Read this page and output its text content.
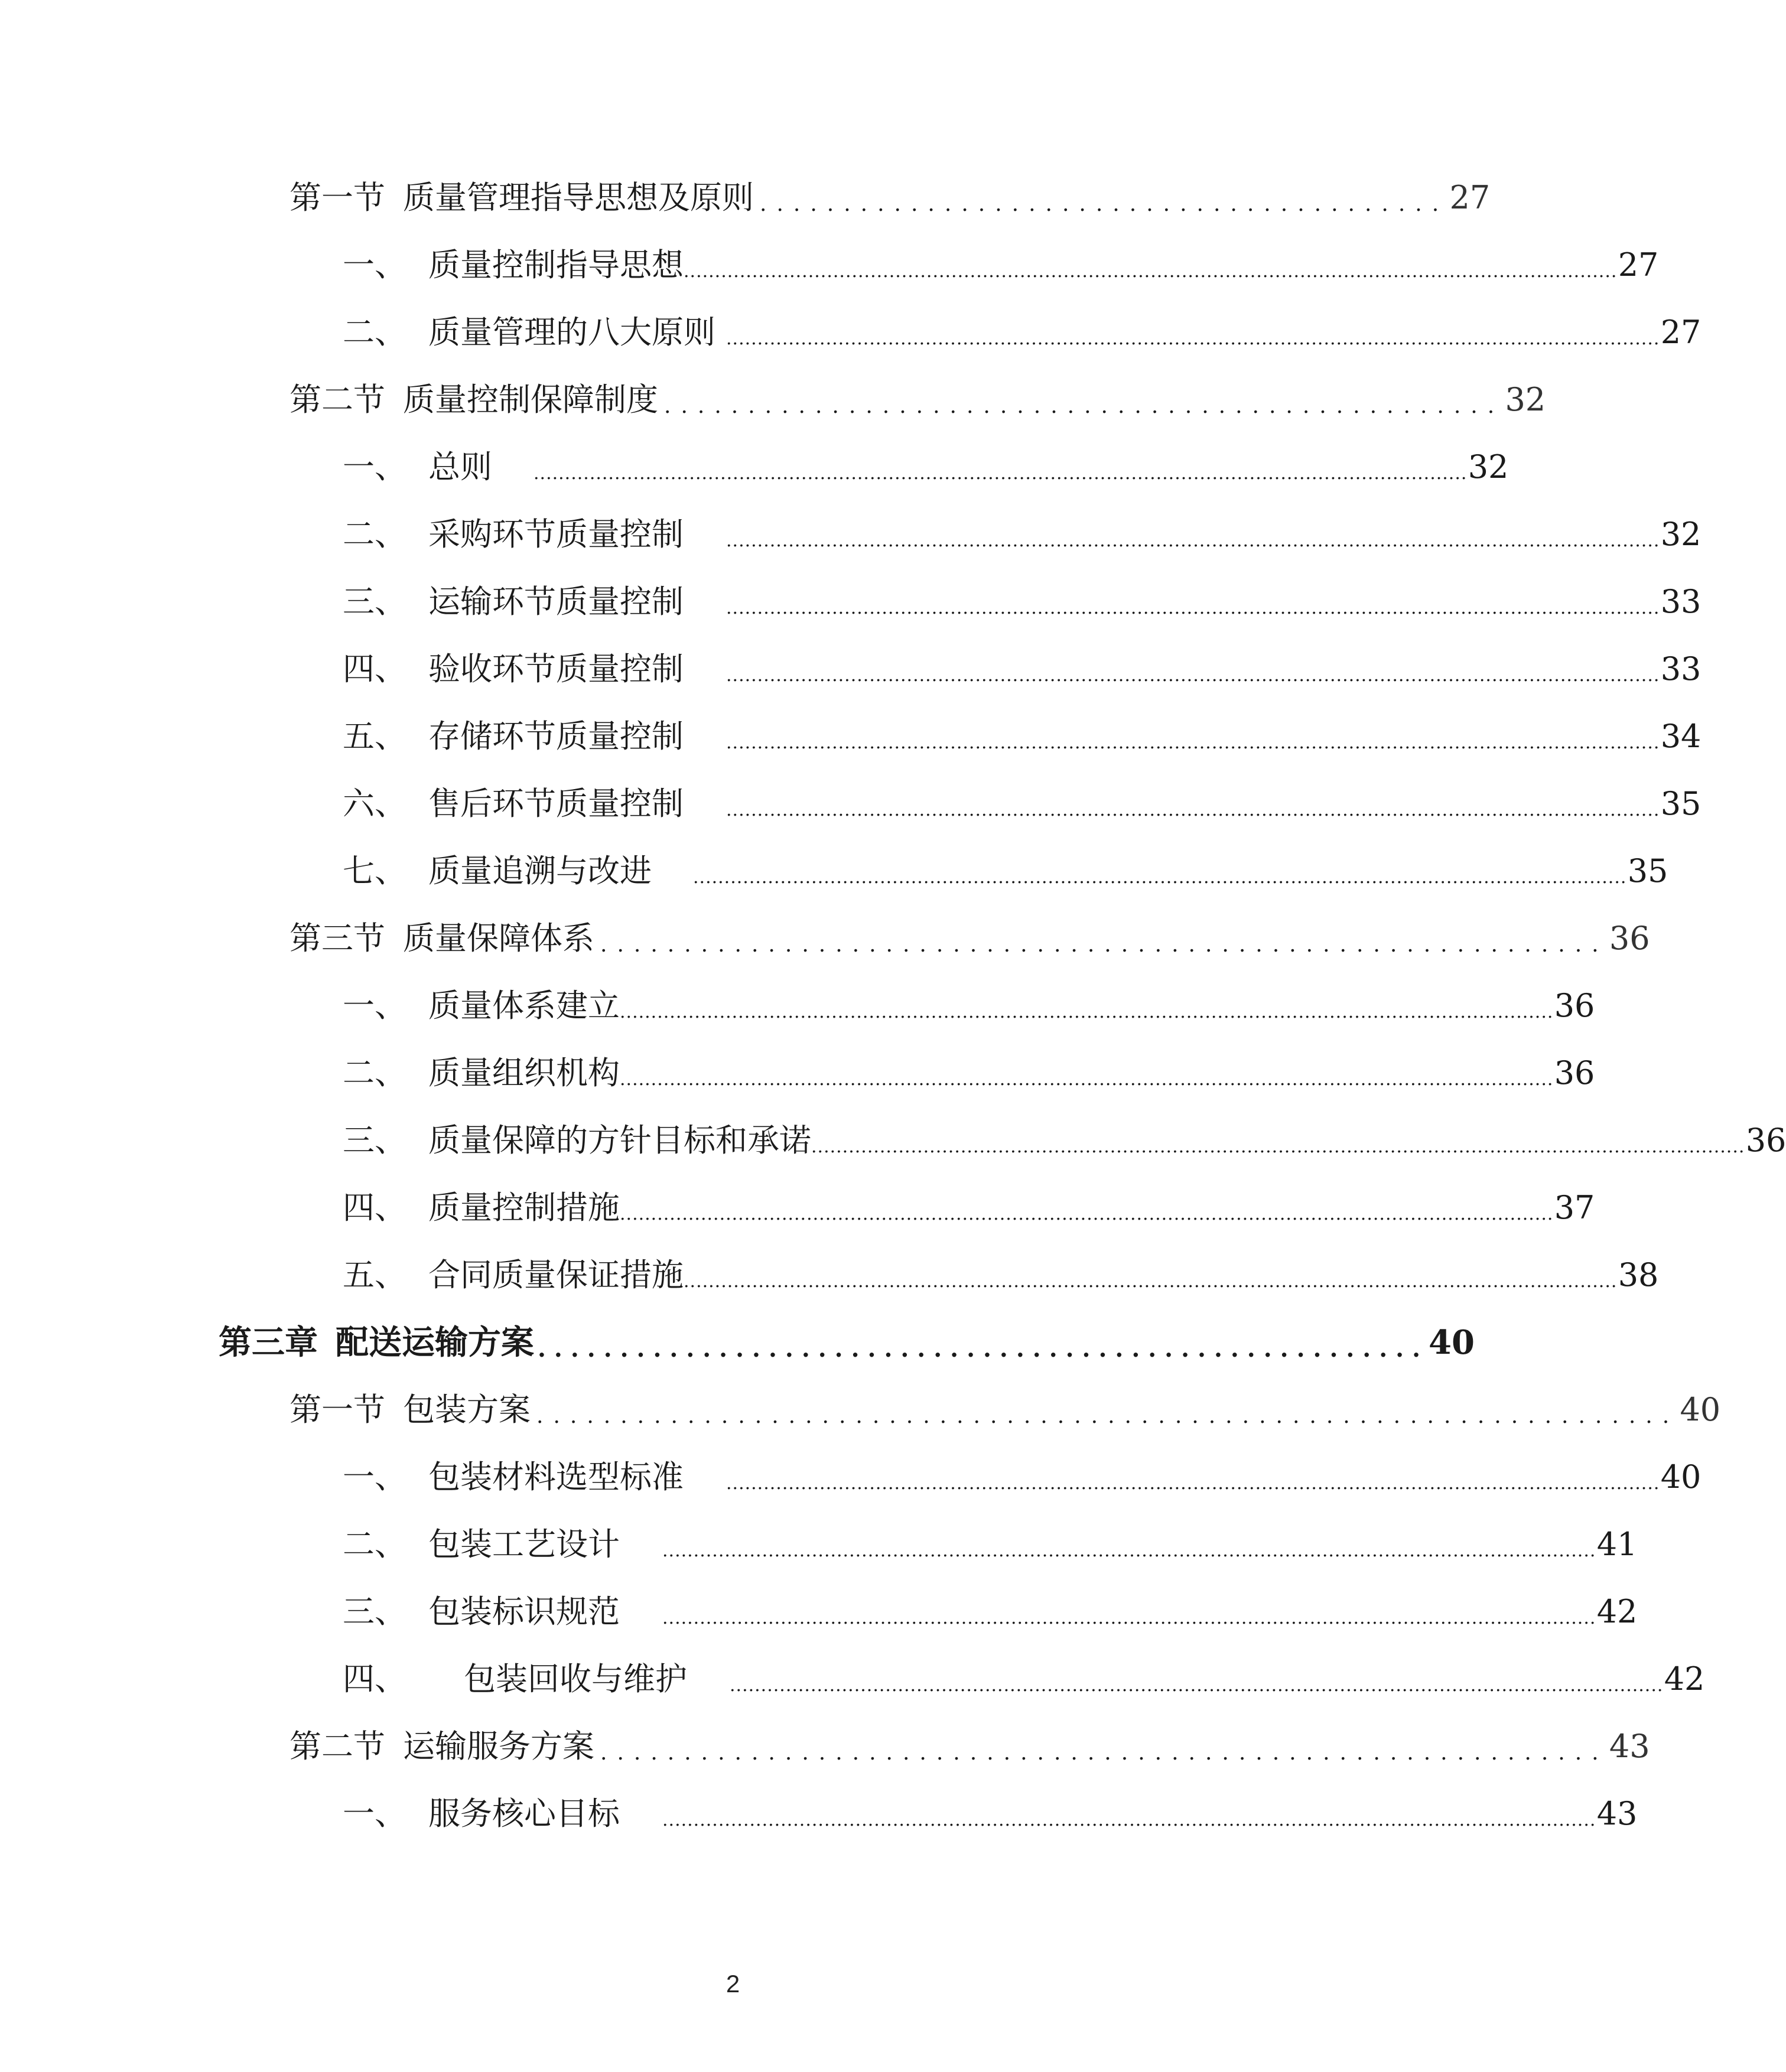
第一节 质量管理指导思想及原则 ......................................... 27
一、 质量控制指导思想 ...................................................................................................................................................... 27
二、 质量管理的八大原则 ...................................................................................................................................................... 27
第二节 质量控制保障制度 .................................................. 32
一、 总则	...................................................................................................................................................... 32
二、 采购环节质量控制	...................................................................................................................................................... 32
三、 运输环节质量控制	...................................................................................................................................................... 33
四、 验收环节质量控制	...................................................................................................................................................... 33
五、 存储环节质量控制	...................................................................................................................................................... 34
六、 售后环节质量控制	...................................................................................................................................................... 35
七、 质量追溯与改进	...................................................................................................................................................... 35
第三节 质量保障体系 ............................................................ 36
一、 质量体系建立 ...................................................................................................................................................... 36
二、 质量组织机构 ...................................................................................................................................................... 36
三、 质量保障的方针目标和承诺 ...................................................................................................................................................... 36
四、 质量控制措施 ...................................................................................................................................................... 37
五、 合同质量保证措施 ...................................................................................................................................................... 38
第三章 配送运输方案 ...................................................... 40
第一节 包装方案 .................................................................... 40
一、 包装材料选型标准	...................................................................................................................................................... 40
二、 包装工艺设计	...................................................................................................................................................... 41
三、 包装标识规范	...................................................................................................................................................... 42
四、	包装回收与维护	...................................................................................................................................................... 42
第二节 运输服务方案 ............................................................ 43
一、 服务核心目标	...................................................................................................................................................... 43
2
